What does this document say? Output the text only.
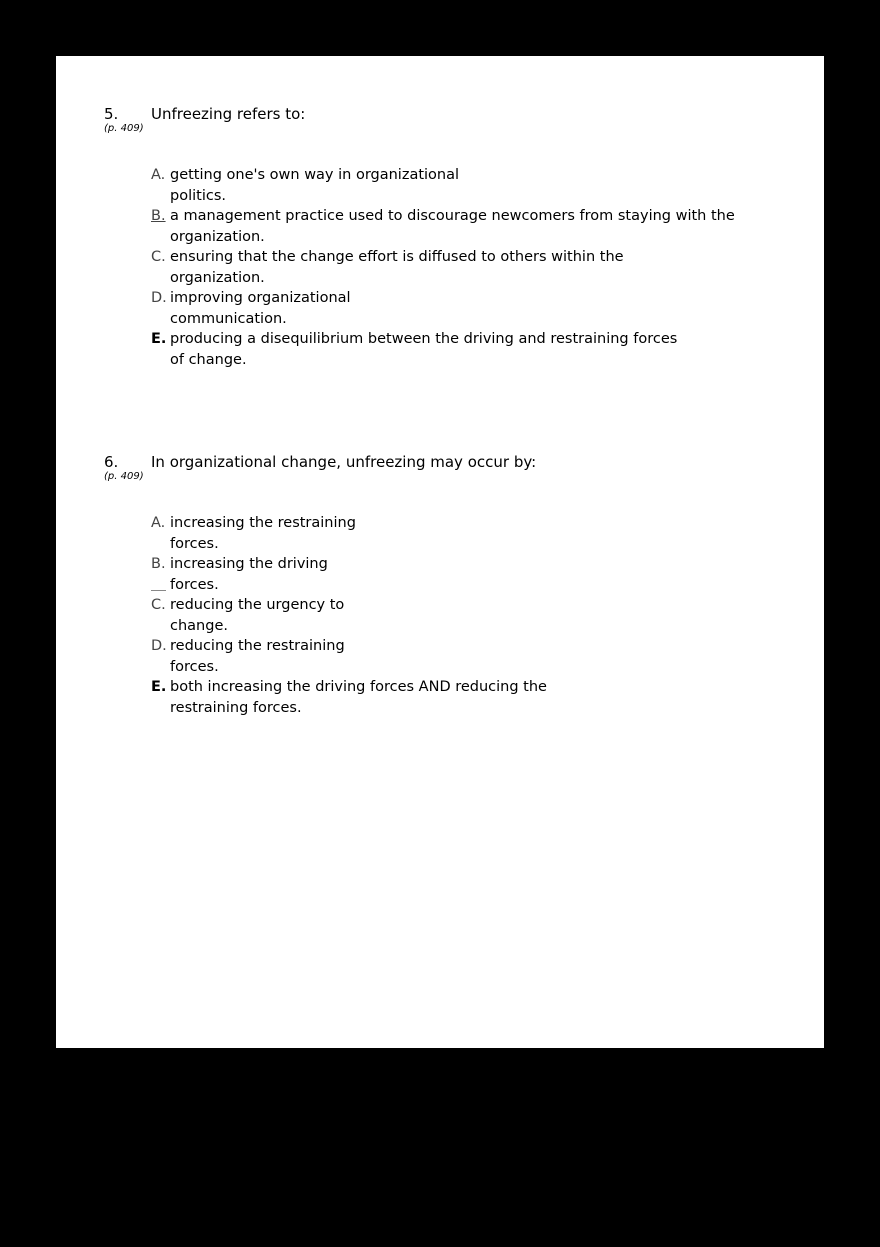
5.
(p. 409)
Unfreezing refers to:
A. getting one's own way in organizational
politics.
B. a management practice used to discourage newcomers from staying with the
organization.
C. ensuring that the change effort is diffused to others within the
organization.
D. improving organizational
communication.
E. producing a disequilibrium between the driving and restraining forces
of change.
6.
(p. 409)
In organizational change, unfreezing may occur by:
A. increasing the restraining
forces.
B. increasing the driving
forces.
C. reducing the urgency to
change.
D. reducing the restraining
forces.
E. both increasing the driving forces AND reducing the
restraining forces.
